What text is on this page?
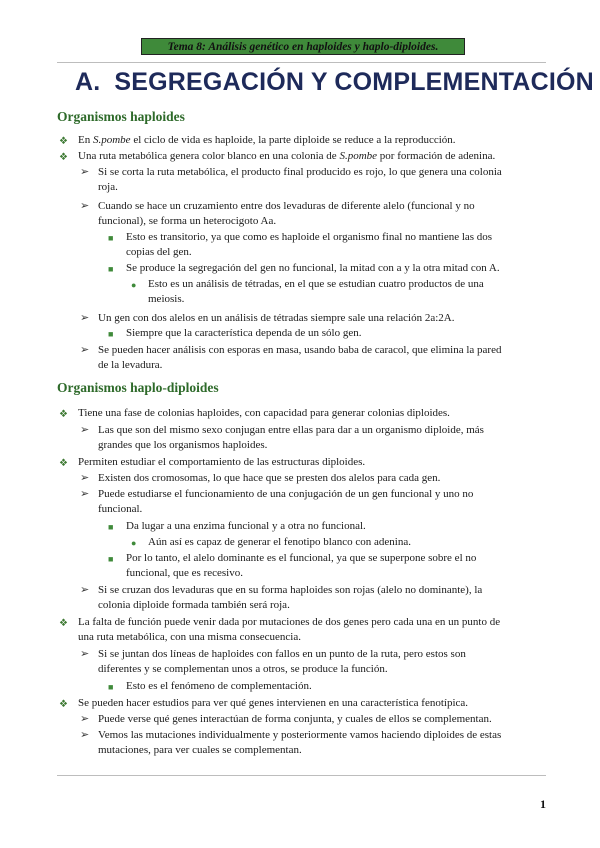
Tema 8: Análisis genético en haploides y haplo-diploides.
A. SEGREGACIÓN Y COMPLEMENTACIÓN
Organismos haploides
❖ En S.pombe el ciclo de vida es haploide, la parte diploide se reduce a la reproducción.
❖ Una ruta metabólica genera color blanco en una colonia de S.pombe por formación de adenina.
➢ Si se corta la ruta metabólica, el producto final producido es rojo, lo que genera una colonia
roja.
➢ Cuando se hace un cruzamiento entre dos levaduras de diferente alelo (funcional y no
funcional), se forma un heterocigoto Aa.
■ Esto es transitorio, ya que como es haploide el organismo final no mantiene las dos
copias del gen.
■ Se produce la segregación del gen no funcional, la mitad con a y la otra mitad con A.
● Esto es un análisis de tétradas, en el que se estudian cuatro productos de una
meiosis.
➢ Un gen con dos alelos en un análisis de tétradas siempre sale una relación 2a:2A.
■ Siempre que la característica dependa de un sólo gen.
➢ Se pueden hacer análisis con esporas en masa, usando baba de caracol, que elimina la pared
de la levadura.
Organismos haplo-diploides
❖ Tiene una fase de colonias haploides, con capacidad para generar colonias diploides.
➢ Las que son del mismo sexo conjugan entre ellas para dar a un organismo diploide, más
grandes que los organismos haploides.
❖ Permiten estudiar el comportamiento de las estructuras diploides.
➢ Existen dos cromosomas, lo que hace que se presten dos alelos para cada gen.
➢ Puede estudiarse el funcionamiento de una conjugación de un gen funcional y uno no
funcional.
■ Da lugar a una enzima funcional y a otra no funcional.
● Aún así es capaz de generar el fenotipo blanco con adenina.
■ Por lo tanto, el alelo dominante es el funcional, ya que se superpone sobre el no
funcional, que es recesivo.
➢ Si se cruzan dos levaduras que en su forma haploides son rojas (alelo no dominante), la
colonia diploide formada también será roja.
❖ La falta de función puede venir dada por mutaciones de dos genes pero cada una en un punto de
una ruta metabólica, con una misma consecuencia.
➢ Si se juntan dos líneas de haploides con fallos en un punto de la ruta, pero estos son
diferentes y se complementan unos a otros, se produce la función.
■ Esto es el fenómeno de complementación.
❖ Se pueden hacer estudios para ver qué genes intervienen en una característica fenotípica.
➢ Puede verse qué genes interactúan de forma conjunta, y cuales de ellos se complementan.
➢ Vemos las mutaciones individualmente y posteriormente vamos haciendo diploides de estas
mutaciones, para ver cuales se complementan.
1
